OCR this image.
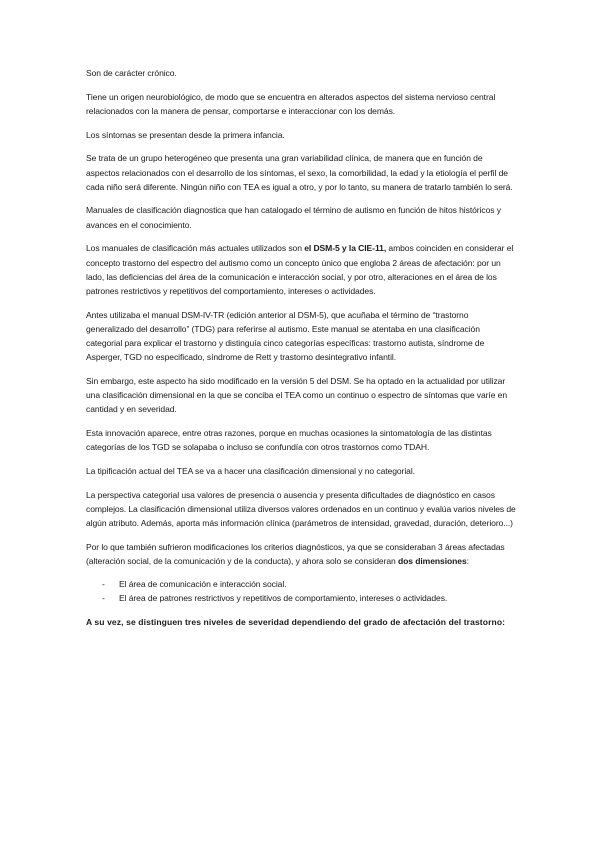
Son de carácter crónico.

Tiene un origen neurobiológico, de modo que se encuentra en alterados aspectos del sistema nervioso central relacionados con la manera de pensar, comportarse e interaccionar con los demás.

Los síntomas se presentan desde la primera infancia.

Se trata de un grupo heterogéneo que presenta una gran variabilidad clínica, de manera que en función de aspectos relacionados con el desarrollo de los síntomas, el sexo, la comorbilidad, la edad y la etiología el perfil de cada niño será diferente. Ningún niño con TEA es igual a otro, y por lo tanto, su manera de tratarlo también lo será.

Manuales de clasificación diagnostica que han catalogado el término de autismo en función de hitos históricos y avances en el conocimiento.

Los manuales de clasificación más actuales utilizados son el DSM-5 y la CIE-11, ambos coinciden en considerar el concepto trastorno del espectro del autismo como un concepto único que engloba 2 áreas de afectación: por un lado, las deficiencias del área de la comunicación e interacción social, y por otro, alteraciones en el área de los patrones restrictivos y repetitivos del comportamiento, intereses o actividades.

Antes utilizaba el manual DSM-IV-TR (edición anterior al DSM-5), que acuñaba el término de “trastorno generalizado del desarrollo” (TDG) para referirse al autismo. Este manual se atentaba en una clasificación categorial para explicar el trastorno y distinguía cinco categorías específicas: trastorno autista, síndrome de Asperger, TGD no especificado, síndrome de Rett y trastorno desintegrativo infantil.

Sin embargo, este aspecto ha sido modificado en la versión 5 del DSM. Se ha optado en la actualidad por utilizar una clasificación dimensional en la que se conciba el TEA como un continuo o espectro de síntomas que varíe en cantidad y en severidad.

Esta innovación aparece, entre otras razones, porque en muchas ocasiones la sintomatología de las distintas categorías de los TGD se solapaba o incluso se confundía con otros trastornos como TDAH.

La tipificación actual del TEA se va a hacer una clasificación dimensional y no categorial.

La perspectiva categorial usa valores de presencia o ausencia y presenta dificultades de diagnóstico en casos complejos. La clasificación dimensional utiliza diversos valores ordenados en un continuo y evalúa varios niveles de algún atributo. Además, aporta más información clínica (parámetros de intensidad, gravedad, duración, deterioro...)

Por lo que también sufrieron modificaciones los criterios diagnósticos, ya que se consideraban 3 áreas afectadas (alteración social, de la comunicación y de la conducta), y ahora solo se consideran dos dimensiones:

- El área de comunicación e interacción social.
- El área de patrones restrictivos y repetitivos de comportamiento, intereses o actividades.

A su vez, se distinguen tres niveles de severidad dependiendo del grado de afectación del trastorno:
